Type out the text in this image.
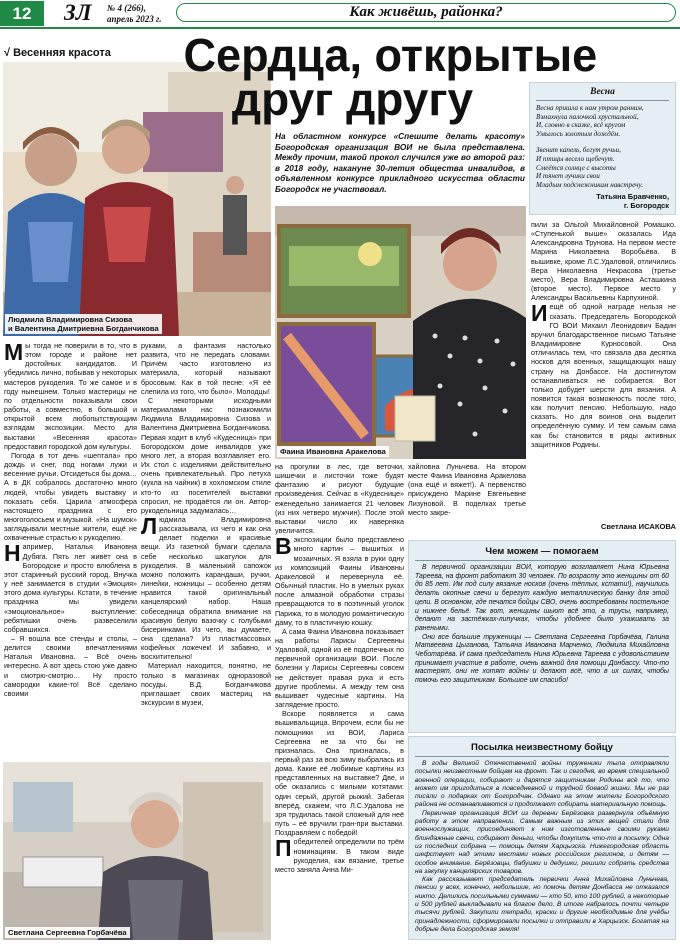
12	ЗЛ № 4 (266),
апрель 2023 г.	Как живёшь, районка?
√ Весенняя красота
Людмила Владимировна Сизова
и Валентина Дмитриевна Богданчикова
Сердца, открытые
друг другу
На областном конкурсе «Спешите делать красоту» Богородская организация ВОИ не была представлена. Между прочим, такой прокол случился уже во второй раз: в 2018 году, накануне 30-летия общества инвалидов, в объявленном конкурсе прикладного искусства области Богородск не участвовал.
Весна
Весна пришла к нам утром ранним,
Взмахнула палочкой хрустальной,
И, словно в сказке, всё кругом
Умылось золотым дождём.
Звенит капель, бегут ручьи,
И птицы весело щебечут.
Смеётся солнце с высоты
И тянет лучики свои
Младым подснежникам навстречу.
Татьяна Бравченко,
г. Богородск
Фаина Ивановна Аракелова

Мы тогда не поверили в то, что в этом городе и районе нет достойных кандидатов. И убедились лично, побывав у некоторых мастеров рукоделия. То же самое и в году нынешнем. Только мастерицы не по отдельности показывали свои работы, а совместно, в большой и открытой всем любопытствующим взглядам экспозиции. Место для выставки «Весенняя красота» предоставил городской дом культуры.

Погода в тот день «шептала» про дождь и снег, под ногами лужи и весенние ручьи. Отсидеться бы дома… А в ДК собралось достаточно много людей, чтобы увидеть выставку и показать себя. Царила атмосфера настоящего праздника с его многоголосьем и музыкой. «На шумок» заглядывали местные жители, ещё не охваченные страстью к рукоделию.

Например, Наталья Ивановна Дубяга. Пять лет живёт она в Богородске и просто влюблена в этот старинный русский город. Внучка у неё занимается в студии «Эмоция» этого дома культуры. Кстати, в течение праздника мы увидели «эмоциональное» выступление: ребятишки очень развеселили собравшихся.

– Я вошла все стенды и столы, – делится своими впечатлениями Наталья Ивановна. – Всё очень интересно. А вот здесь стою уже давно и смотрю-смотрю… Ну просто самородки какие-то! Всё сделано своими

руками, а фантазия настолько развита, что не передать словами. Причём часто изготовлено из материала, который называют бросовым. Как в той песне: «Я её слепила из того, что было». Молодцы!

С некоторыми исходными материалами нас познакомили Людмила Владимировна Сизова и Валентина Дмитриевна Богданчикова. Первая ходит в клуб «Кудесница» при Богородском доме инвалидов уже много лет, а вторая возглавляет его. Их стол с изделиями действительно очень привлекательный. Про петуха (кукла на чайник) в хохломском стиле кто-то из посетителей выставки спросил, не продаётся ли он. Автор-рукодельница задумалась…

Людмила Владимировна рассказывала, из чего и как она делает поделки и красивые вещи. Из газетной бумаги сделала себе несколько шкатулок для рукоделия. В маленький сапожок можно положить карандаши, ручки, линейки, ножницы – особенно детям нравится такой оригинальный канцелярский набор. Наша собеседница обратила внимание на красивую белую вазочку с голубыми бисеринками. Из чего, вы думаете, она сделана? Из пластмассовых кофейных ложечек! И забавно, и восхитительно!

Материал находится, понятно, не только в магазинах одноразовой посуды. В.Д. Богданчикова приглашает своих мастериц на экскурсии в музеи,

на прогулки в лес, где веточки, шишечки и листочки тоже будят фантазию и рисуют будущие произведения. Сейчас в «Кудеснице» еженедельно занимается 21 человек (из них четверо мужчин). После этой выставки число их наверняка увеличится.

Вэкспозиции было представлено много картин – вышитых и мозаичных. Я взяла в руки одну из композиций Фаины Ивановны Аракеловой и перевернула её. Обычный пластик. Но в умелых руках после алмазной обработки стразы превращаются то в поэтичный уголок Парижа, то в молодую романтическую даму, то в пластичную кошку.

А сама Фаина Ивановна показывает на работы Ларисы Сергеевны Удаловой, одной из её подопечных по первичной организации ВОИ. После болезни у Ларисы Сергеевны совсем не действует правая рука и есть другие проблемы. А между тем она вышивает чудесные картины. На заглядение просто.

Вскоре появляется и сама вышивальщица. Впрочем, если бы не помощники из ВОИ, Лариса Сергеевна не за что бы не призналась. Она призналась, в первый раз за всю зиму выбралась из дома. Какие её любимые картины из представленных на выставке? Две, и обе оказались с милыми котятами: один серый, другой рыжий. Забегая вперёд, скажем, что Л.С.Удалова не зря трудилась такой сложный для неё путь – её вручили гран-при выставки. Поздравляем с победой!

Победителей определили по трём номинациям. В таком виде рукоделия, как вязание, третье место заняла Анна Ми-

хайловна Луньчева. На втором месте Фаина Ивановна Аракелова (она ещё и вяжет!). А первенство присуждено Марине Евгеньевне Лизуновой. В поделках третье место закре-

пили за Ольгой Михайловной Ромашко. «Ступенькой выше» оказалась Ида Александровна Трунова. На первом месте Марина Николаевна Воробьёва. В вышивке, кроме Л.С.Удаловой, отличились Вера Николаевна Некрасова (третье место), Вера Владимировна Асташкина (второе место). Первое место у Александры Васильевны Карпухиной.

Иещё об одной награде нельзя не сказать. Председатель Богородской ГО ВОИ Михаил Леонидович Бадин вручил благодарственное письмо Татьяне Владимировне Курносовой. Она отличилась тем, что связала два десятка носков для военных, защищающих нашу страну на Донбассе. На достигнутом останавливаться не собирается. Вот только добудет шерсти для вязания. А появится такая возможность после того, как получит пенсию. Небольшую, надо сказать. Но для воинов она выделит определённую сумму. И тем самым сама как бы становится в ряды активных защитников Родины.

Светлана ИСАКОВА
Светлана Сергеевна Горбачёва
Чем можем — помогаем

В первичной организации ВОИ, которую возглавляет Нина Юрьевна Тареева, на фронт работают 30 человек. По возрасту это женщины от 60 до 85 лет. Им под силу вязание носков (очень тёплых, кстати!), научились делать окопные свечи и берегут каждую металлическую банку для этой цели. В основном, где печатся бойцы СВО, очень востребованы постельное и нижнее бельё. Так вот, женщины шьют всё это, а трусы, например, делают на застёжках-липучках, чтобы удобнее было ухаживать за ранеными.

Они все большие труженицы — Светлана Сергеевна Горбачёва, Галина Матвеевна Цыганова, Татьяна Ивановна Марченко, Людмила Михайловна Чеботарёва. И сама председатель Нина Юрьевна Тареева с удовольствием принимает участие в работе, очень важной для помощи Донбассу. Что-то мастерят, они не хотят войны и делают всё, что в их силах, чтобы помочь его защитникам. Большое им спасибо!

Посылка неизвестному бойцу

В годы Великой Отечественной войны труженики тыла отправляли посылки неизвестным бойцам на фронт. Так и сегодня, во время специальной военной операции, собирают и дарятся защитникам Родины всё то, что может им пригодиться в повседневной и трудной боевой жизни. Мы не раз писали о подарках от Богородчан. Однако на этом жители Богородского района не останавливаются и продолжают собирать материальную помощь.

Первичная организация ВОИ из деревни Берёзовка развернула объёмную работу в этом направлении. Самым важным из этих вещей стали для военнослужащих, присоединяют к ним изготовленные своими руками блиндажные свечи, собирают деньги, чтобы докупить что-то в посылку. Одна из последних собрана — помощь детям Харцызска. Нижегородская область шефствует над этими местами новых российских регионов, и детям — особое внимание. Берёзовцы, бабушки и дедушки, решили собрать средства на закупку канцелярских товаров.

Как рассказывает председатель первички Анна Михайловна Луньчева, пенсии у всех, конечно, небольшие, но помочь детям Донбасса не отказался никто. Делились посильными суммами — кто 50, кто 100 рублей, а некоторые и 500 рублей выкладывали на благое дело. В итоге набралось почти четыре тысячи рублей. Закупили тетради, краски и другие необходимые для учёбы принадлежности, сформировали посылки и отправили в Харцызск. Богатая на добрые дела Богородская земля!
